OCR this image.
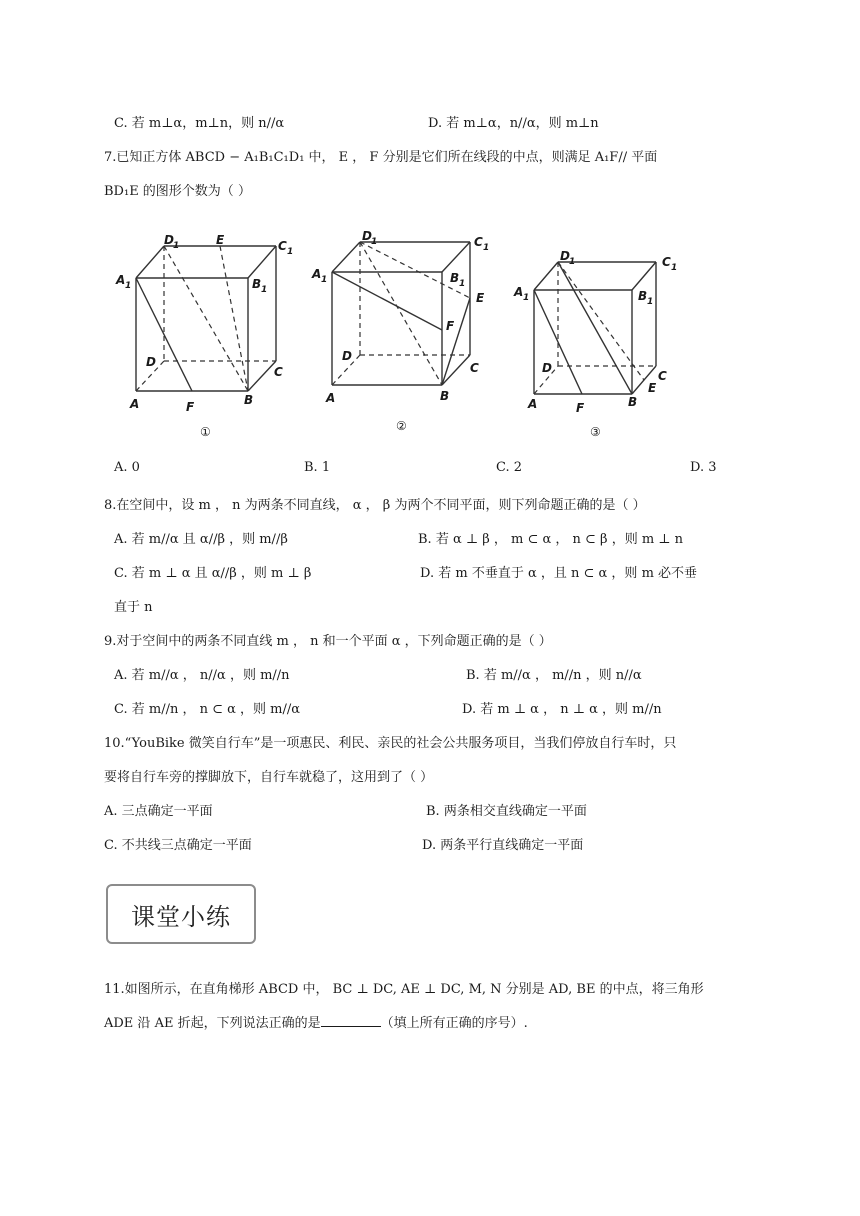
C. 若 m⊥α，m⊥n，则 n//α	D. 若 m⊥α，n//α，则 m⊥n
7.已知正方体 ABCD − A₁B₁C₁D₁ 中， E ， F 分别是它们所在线段的中点，则满足 A₁F// 平面
BD₁E 的图形个数为（ ）
D 1	E	C 1
A 1	B 1
D
C
A	F	B
①
D 1	C 1
A 1	B 1
E
F
D
C
A	B
②
D 1	C 1
A 1	B 1
D
C
E
A	F	B
③
A. 0	B. 1	C. 2	D. 3
8.在空间中，设 m ， n 为两条不同直线， α ， β 为两个不同平面，则下列命题正确的是（ ）
A. 若 m//α 且 α//β ，则 m//β	B. 若 α ⊥ β ， m ⊂ α ， n ⊂ β ，则 m ⊥ n
C. 若 m ⊥ α 且 α//β ，则 m ⊥ β	D. 若 m 不垂直于 α ，且 n ⊂ α ，则 m 必不垂
直于 n
9.对于空间中的两条不同直线 m ， n 和一个平面 α ，下列命题正确的是（ ）
A. 若 m//α ， n//α ，则 m//n	B. 若 m//α ， m//n ，则 n//α
C. 若 m//n ， n ⊂ α ，则 m//α	D. 若 m ⊥ α ， n ⊥ α ，则 m//n
10.“YouBike 微笑自行车”是一项惠民、利民、亲民的社会公共服务项目，当我们停放自行车时，只
要将自行车旁的撑脚放下，自行车就稳了，这用到了（ ）
A. 三点确定一平面	B. 两条相交直线确定一平面
C. 不共线三点确定一平面	D. 两条平行直线确定一平面
课堂小练
11.如图所示，在直角梯形 ABCD 中， BC ⊥ DC, AE ⊥ DC, M, N 分别是 AD, BE 的中点，将三角形
ADE 沿 AE 折起，下列说法正确的是	（填上所有正确的序号）.
